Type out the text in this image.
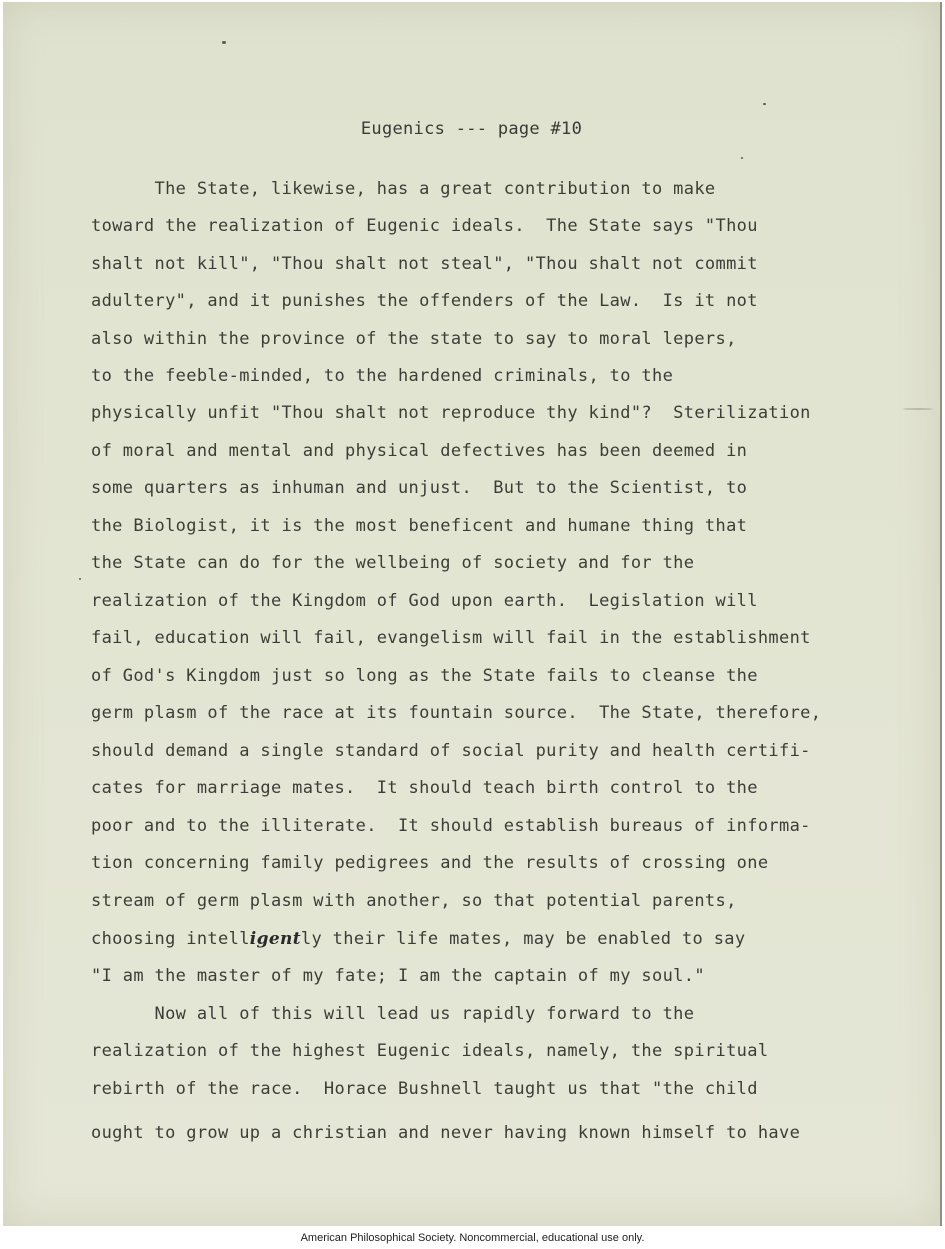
Eugenics --- page #10
The State, likewise, has a great contribution to make
toward the realization of Eugenic ideals.  The State says "Thou
shalt not kill", "Thou shalt not steal", "Thou shalt not commit
adultery", and it punishes the offenders of the Law.  Is it not
also within the province of the state to say to moral lepers,
to the feeble-minded, to the hardened criminals, to the
physically unfit "Thou shalt not reproduce thy kind"?  Sterilization
of moral and mental and physical defectives has been deemed in
some quarters as inhuman and unjust.  But to the Scientist, to
the Biologist, it is the most beneficent and humane thing that
the State can do for the wellbeing of society and for the
realization of the Kingdom of God upon earth.  Legislation will
fail, education will fail, evangelism will fail in the establishment
of God's Kingdom just so long as the State fails to cleanse the
germ plasm of the race at its fountain source.  The State, therefore,
should demand a single standard of social purity and health certifi-
cates for marriage mates.  It should teach birth control to the
poor and to the illiterate.  It should establish bureaus of informa-
tion concerning family pedigrees and the results of crossing one
stream of germ plasm with another, so that potential parents,
choosing intelligently their life mates, may be enabled to say
"I am the master of my fate; I am the captain of my soul."
Now all of this will lead us rapidly forward to the
realization of the highest Eugenic ideals, namely, the spiritual
rebirth of the race.  Horace Bushnell taught us that "the child
ought to grow up a christian and never having known himself to have
American Philosophical Society. Noncommercial, educational use only.
